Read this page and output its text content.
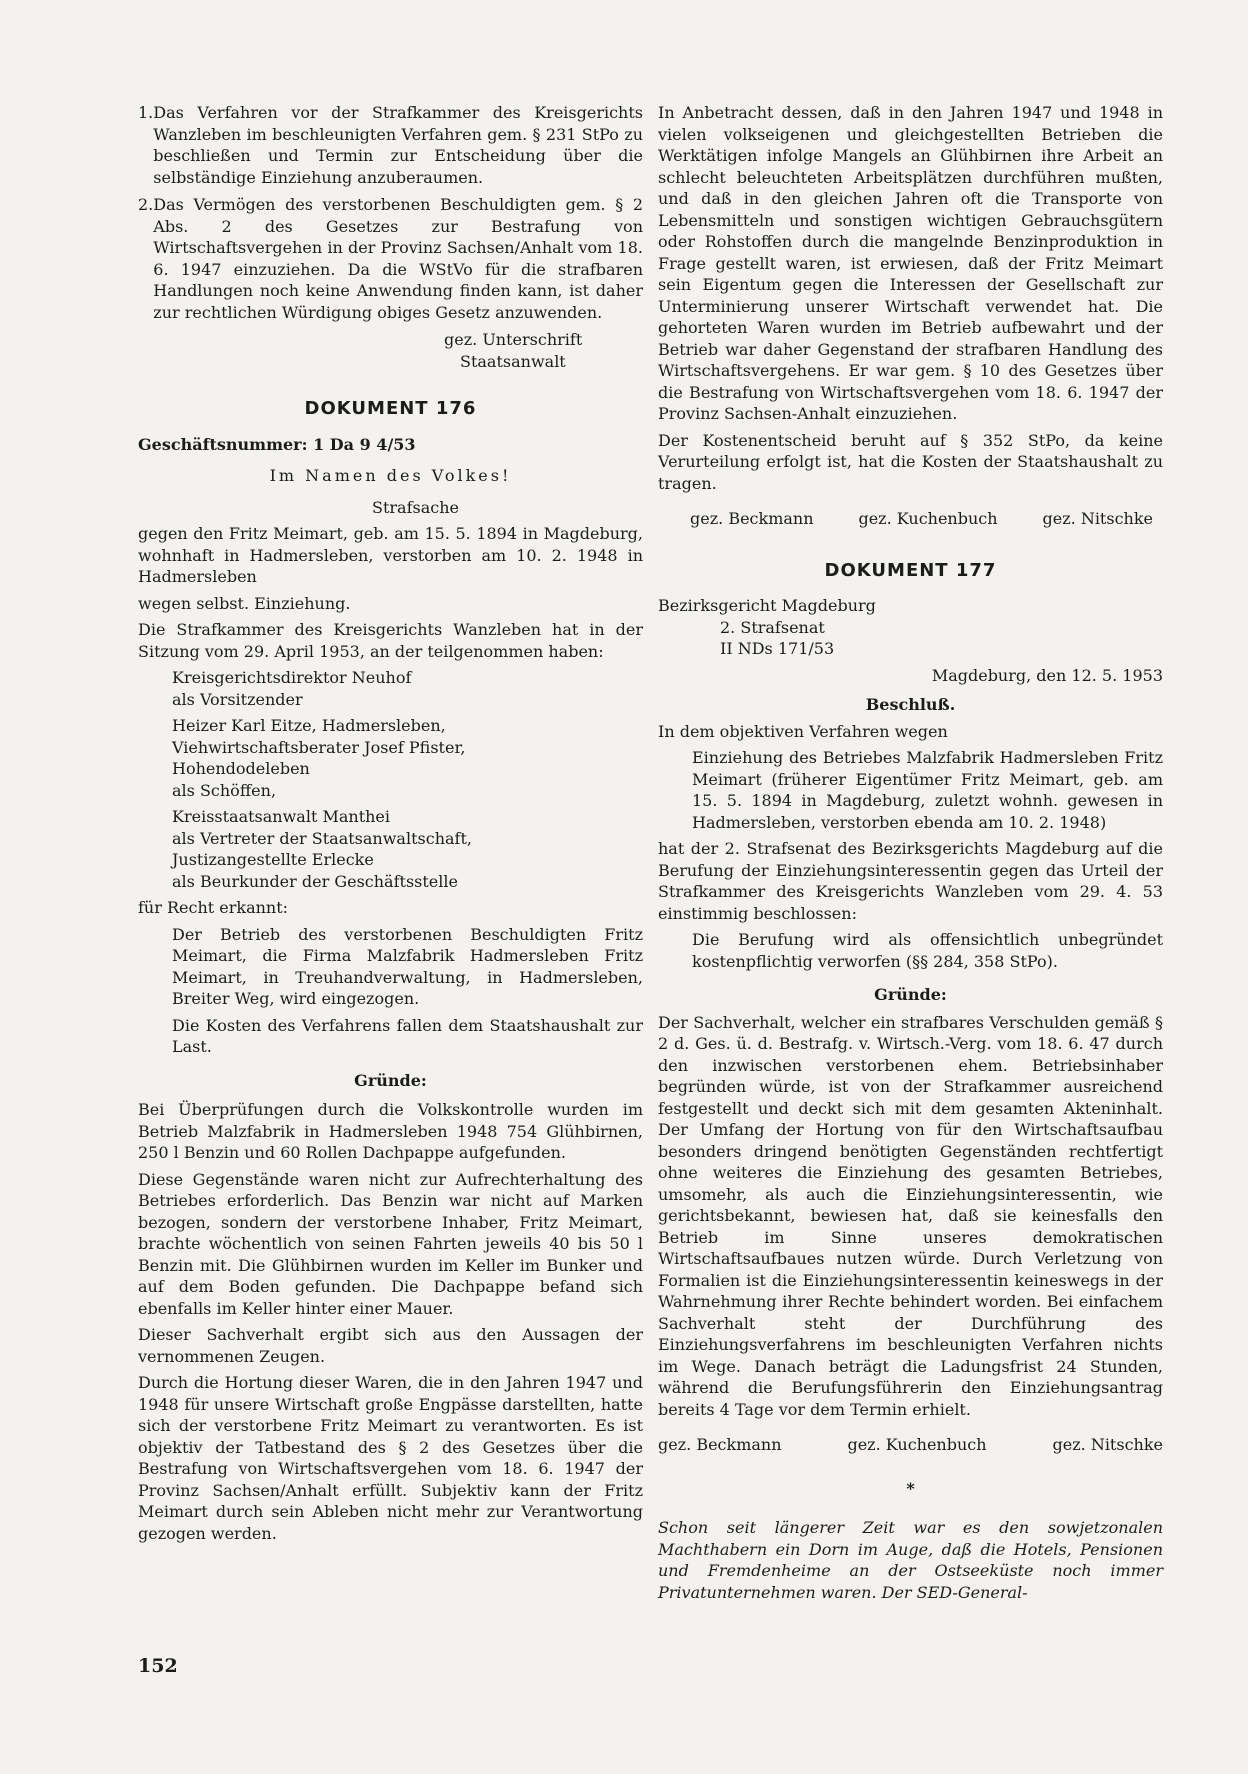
1. Das Verfahren vor der Strafkammer des Kreisgerichts Wanzleben im beschleunigten Verfahren gem. § 231 StPo zu beschließen und Termin zur Entscheidung über die selbständige Einziehung anzuberaumen.
2. Das Vermögen des verstorbenen Beschuldigten gem. § 2 Abs. 2 des Gesetzes zur Bestrafung von Wirtschaftsvergehen in der Provinz Sachsen/Anhalt vom 18. 6. 1947 einzuziehen. Da die WStVo für die strafbaren Handlungen noch keine Anwendung finden kann, ist daher zur rechtlichen Würdigung obiges Gesetz anzuwenden.

gez. Unterschrift

Staatsanwalt

DOKUMENT 176

Geschäftsnummer: 1 Da 9 4/53

Im Namen des Volkes!

Strafsache

gegen den Fritz Meimart, geb. am 15. 5. 1894 in Magdeburg, wohnhaft in Hadmersleben, verstorben am 10. 2. 1948 in Hadmersleben

wegen selbst. Einziehung.

Die Strafkammer des Kreisgerichts Wanzleben hat in der Sitzung vom 29. April 1953, an der teilgenommen haben:

Kreisgerichtsdirektor Neuhof

als Vorsitzender

Heizer Karl Eitze, Hadmersleben,

Viehwirtschaftsberater Josef Pfister,

Hohendodeleben

als Schöffen,

Kreisstaatsanwalt Manthei

als Vertreter der Staatsanwaltschaft,

Justizangestellte Erlecke

als Beurkunder der Geschäftsstelle

für Recht erkannt:

Der Betrieb des verstorbenen Beschuldigten Fritz Meimart, die Firma Malzfabrik Hadmersleben Fritz Meimart, in Treuhandverwaltung, in Hadmersleben, Breiter Weg, wird eingezogen.

Die Kosten des Verfahrens fallen dem Staatshaushalt zur Last.

Gründe:

Bei Überprüfungen durch die Volkskontrolle wurden im Betrieb Malzfabrik in Hadmersleben 1948 754 Glühbirnen, 250 l Benzin und 60 Rollen Dachpappe aufgefunden.

Diese Gegenstände waren nicht zur Aufrechterhaltung des Betriebes erforderlich. Das Benzin war nicht auf Marken bezogen, sondern der verstorbene Inhaber, Fritz Meimart, brachte wöchentlich von seinen Fahrten jeweils 40 bis 50 l Benzin mit. Die Glühbirnen wurden im Keller im Bunker und auf dem Boden gefunden. Die Dachpappe befand sich ebenfalls im Keller hinter einer Mauer.

Dieser Sachverhalt ergibt sich aus den Aussagen der vernommenen Zeugen.

Durch die Hortung dieser Waren, die in den Jahren 1947 und 1948 für unsere Wirtschaft große Engpässe darstellten, hatte sich der verstorbene Fritz Meimart zu verantworten. Es ist objektiv der Tatbestand des § 2 des Gesetzes über die Bestrafung von Wirtschaftsvergehen vom 18. 6. 1947 der Provinz Sachsen/Anhalt erfüllt. Subjektiv kann der Fritz Meimart durch sein Ableben nicht mehr zur Verantwortung gezogen werden.

In Anbetracht dessen, daß in den Jahren 1947 und 1948 in vielen volkseigenen und gleichgestellten Betrieben die Werktätigen infolge Mangels an Glühbirnen ihre Arbeit an schlecht beleuchteten Arbeitsplätzen durchführen mußten, und daß in den gleichen Jahren oft die Transporte von Lebensmitteln und sonstigen wichtigen Gebrauchsgütern oder Rohstoffen durch die mangelnde Benzinproduktion in Frage gestellt waren, ist erwiesen, daß der Fritz Meimart sein Eigentum gegen die Interessen der Gesellschaft zur Unterminierung unserer Wirtschaft verwendet hat. Die gehorteten Waren wurden im Betrieb aufbewahrt und der Betrieb war daher Gegenstand der strafbaren Handlung des Wirtschaftsvergehens. Er war gem. § 10 des Gesetzes über die Bestrafung von Wirtschaftsvergehen vom 18. 6. 1947 der Provinz Sachsen-Anhalt einzuziehen.

Der Kostenentscheid beruht auf § 352 StPo, da keine Verurteilung erfolgt ist, hat die Kosten der Staatshaushalt zu tragen.

gez. Beckmann	gez. Kuchenbuch	gez. Nitschke
DOKUMENT 177

Bezirksgericht Magdeburg

2. Strafsenat

II NDs 171/53

Magdeburg, den 12. 5. 1953

Beschluß.

In dem objektiven Verfahren wegen

Einziehung des Betriebes Malzfabrik Hadmersleben Fritz Meimart (früherer Eigentümer Fritz Meimart, geb. am 15. 5. 1894 in Magdeburg, zuletzt wohnh. gewesen in Hadmersleben, verstorben ebenda am 10. 2. 1948)

hat der 2. Strafsenat des Bezirksgerichts Magdeburg auf die Berufung der Einziehungsinteressentin gegen das Urteil der Strafkammer des Kreisgerichts Wanzleben vom 29. 4. 53 einstimmig beschlossen:

Die Berufung wird als offensichtlich unbegründet kostenpflichtig verworfen (§§ 284, 358 StPo).

Gründe:

Der Sachverhalt, welcher ein strafbares Verschulden gemäß § 2 d. Ges. ü. d. Bestrafg. v. Wirtsch.-Verg. vom 18. 6. 47 durch den inzwischen verstorbenen ehem. Betriebsinhaber begründen würde, ist von der Strafkammer ausreichend festgestellt und deckt sich mit dem gesamten Akteninhalt. Der Umfang der Hortung von für den Wirtschaftsaufbau besonders dringend benötigten Gegenständen rechtfertigt ohne weiteres die Einziehung des gesamten Betriebes, umsomehr, als auch die Einziehungsinteressentin, wie gerichtsbekannt, bewiesen hat, daß sie keinesfalls den Betrieb im Sinne unseres demokratischen Wirtschaftsaufbaues nutzen würde. Durch Verletzung von Formalien ist die Einziehungsinteressentin keineswegs in der Wahrnehmung ihrer Rechte behindert worden. Bei einfachem Sachverhalt steht der Durchführung des Einziehungsverfahrens im beschleunigten Verfahren nichts im Wege. Danach beträgt die Ladungsfrist 24 Stunden, während die Berufungsführerin den Einziehungsantrag bereits 4 Tage vor dem Termin erhielt.

gez. Beckmann	gez. Kuchenbuch	gez. Nitschke

*

Schon seit längerer Zeit war es den sowjetzonalen Machthabern ein Dorn im Auge, daß die Hotels, Pensionen und Fremdenheime an der Ostseeküste noch immer Privatunternehmen waren. Der SED-General-

152
